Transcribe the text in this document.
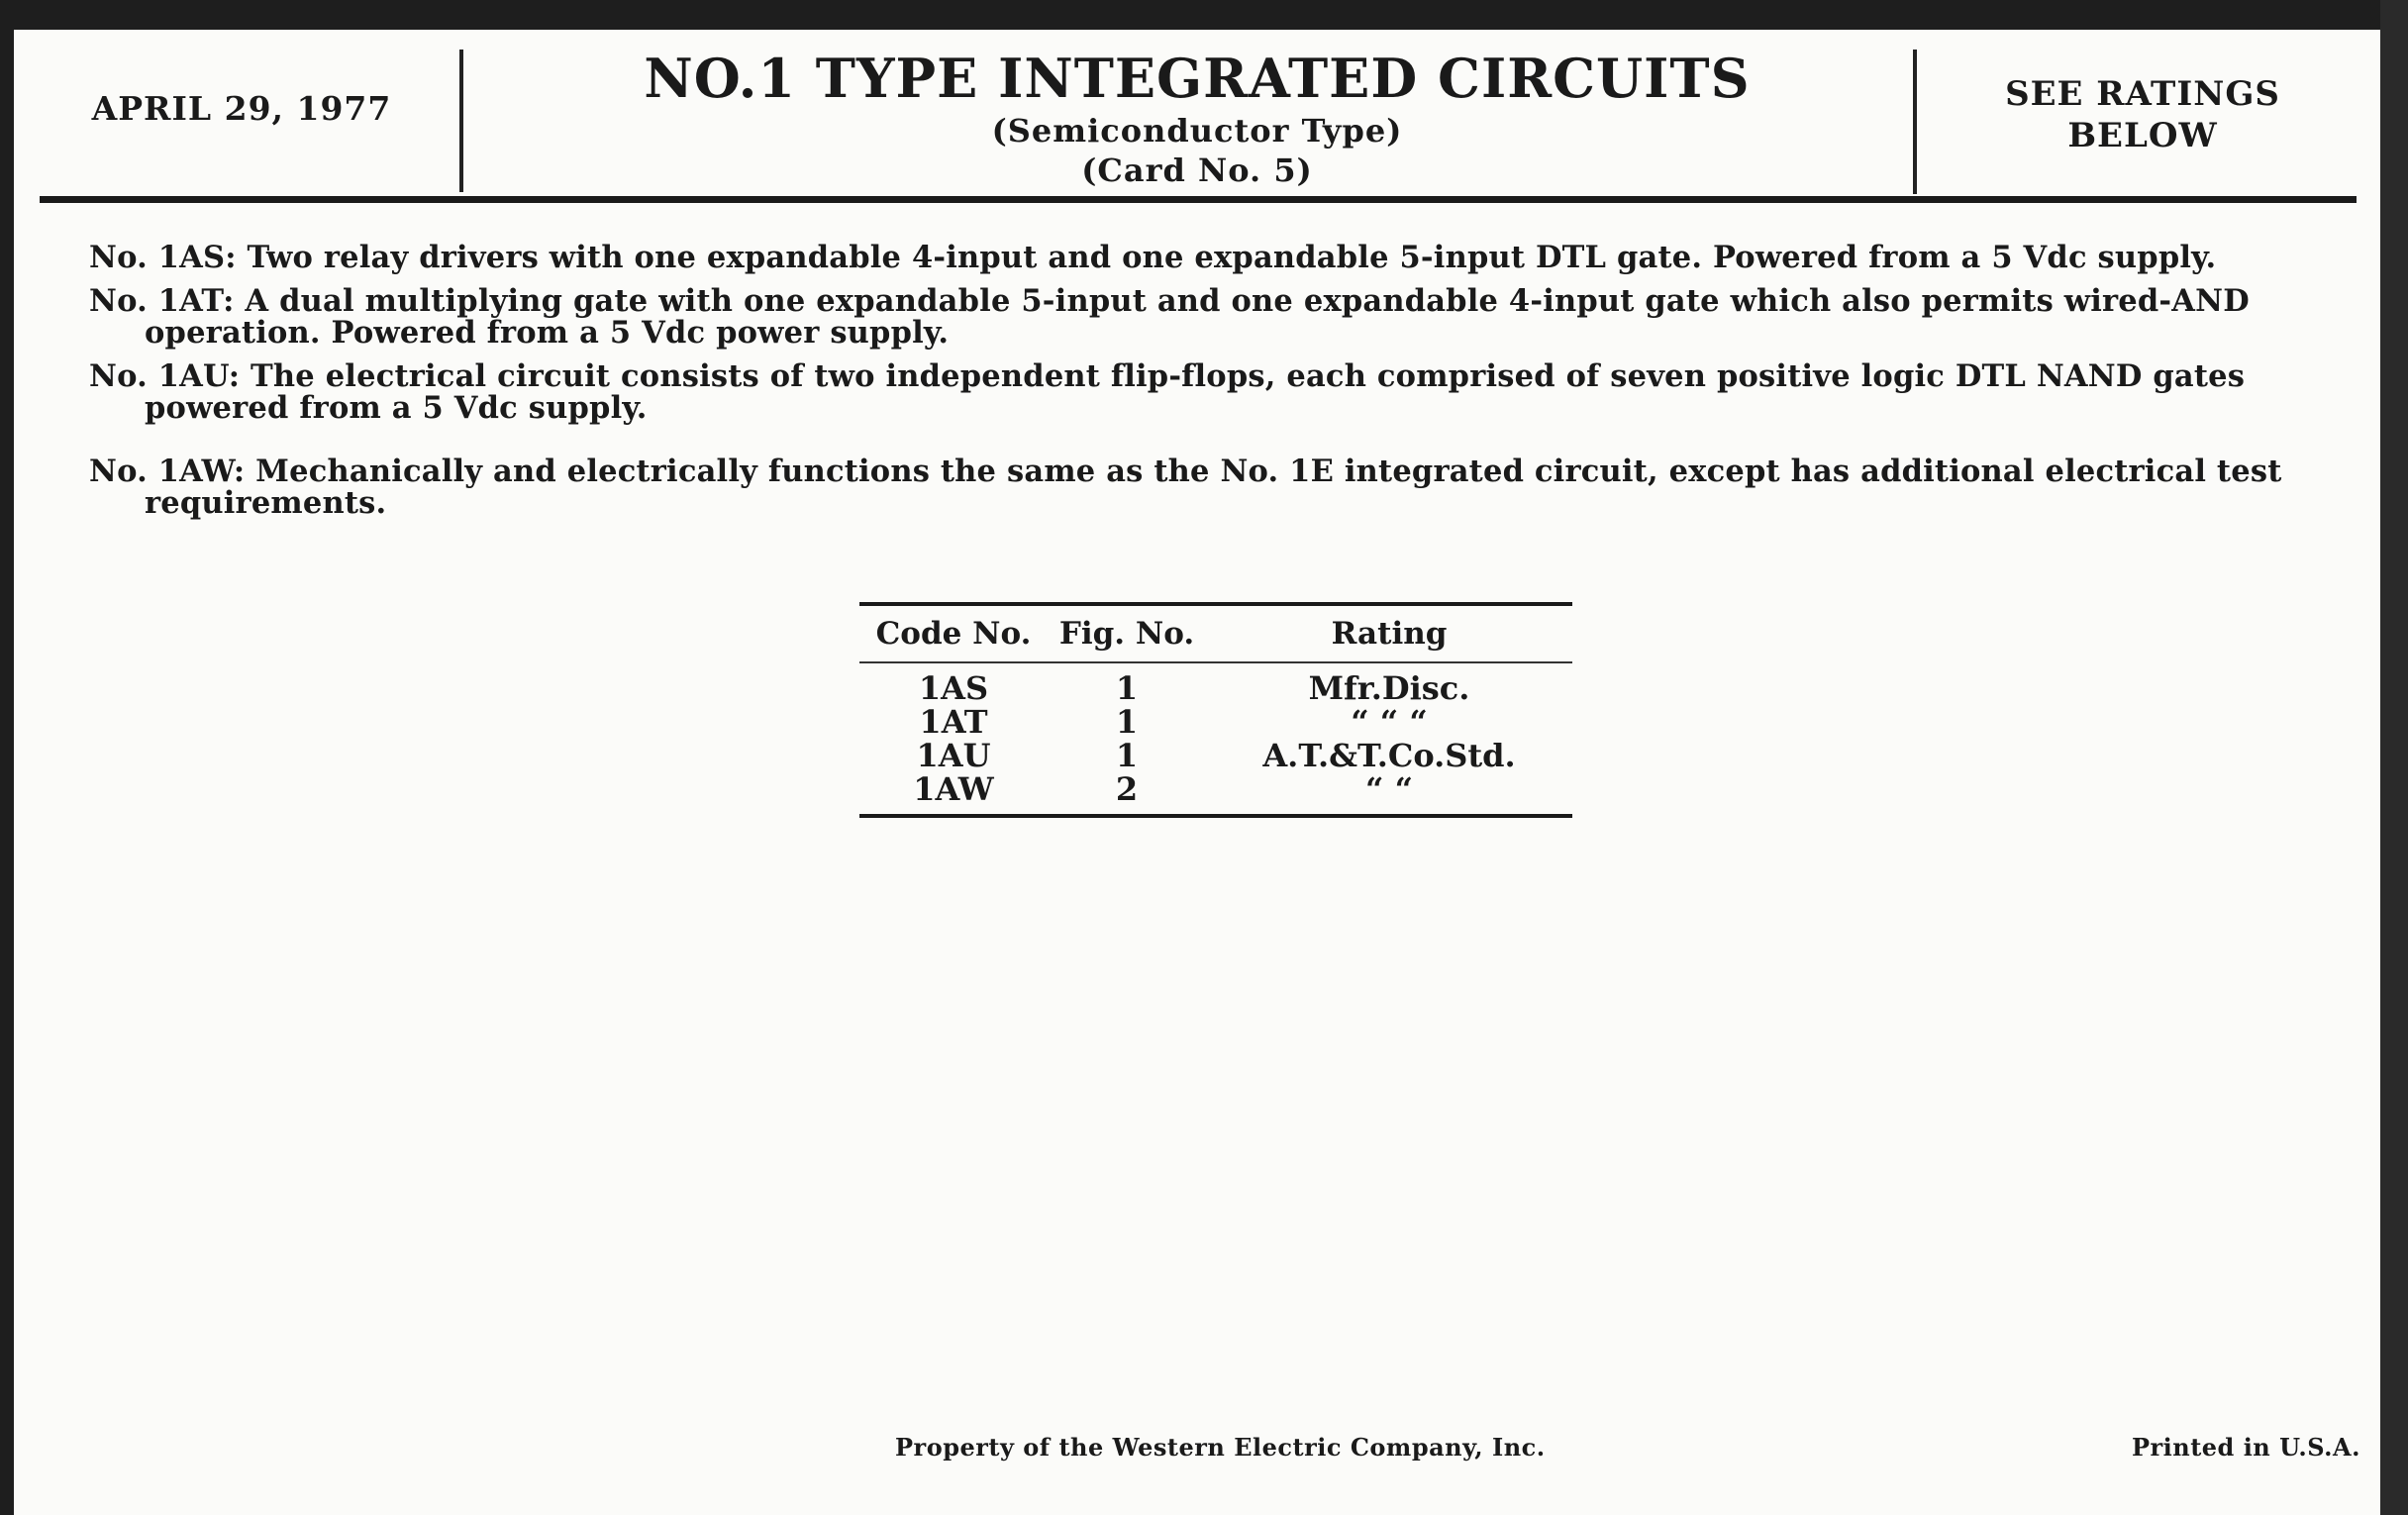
APRIL 29, 1977	NO.1 TYPE INTEGRATED CIRCUITS
(Semiconductor Type)
(Card No. 5)
SEE RATINGS
BELOW
No. 1AS: Two relay drivers with one expandable 4-input and one expandable 5-input DTL gate. Powered from a 5 Vdc supply.
No. 1AT: A dual multiplying gate with one expandable 5-input and one expandable 4-input gate which also permits wired-AND
operation. Powered from a 5 Vdc power supply.
No. 1AU: The electrical circuit consists of two independent flip-flops, each comprised of seven positive logic DTL NAND gates
powered from a 5 Vdc supply.
No. 1AW: Mechanically and electrically functions the same as the No. 1E integrated circuit, except has additional electrical test
requirements.
Code No. Fig. No.	Rating
1AS	1	Mfr.Disc.
1AT	1	“ “ “
1AU	1	A.T.&T.Co.Std.
1AW	2	“ “
Property of the Western Electric Company, Inc.	Printed in U.S.A.
